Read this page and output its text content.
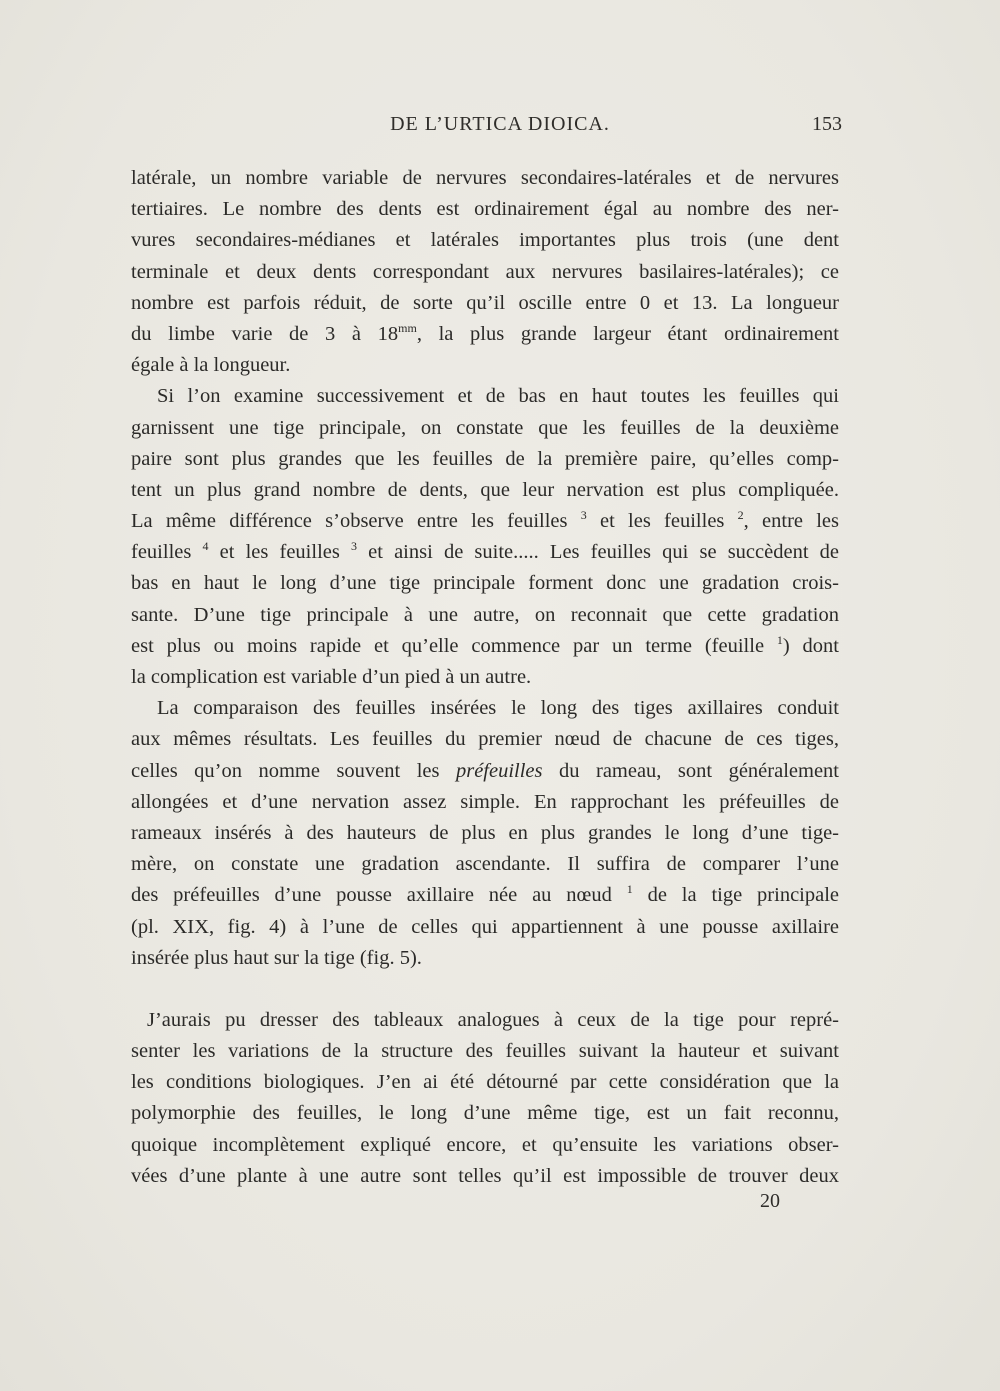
DE L’URTICA DIOICA.	153
latérale, un nombre variable de nervures secondaires-latérales et de nervures
tertiaires. Le nombre des dents est ordinairement égal au nombre des ner-
vures secondaires-médianes et latérales importantes plus trois (une dent
terminale et deux dents correspondant aux nervures basilaires-latérales); ce
nombre est parfois réduit, de sorte qu’il oscille entre 0 et 13. La longueur
du limbe varie de 3 à $18^{mm}$, la plus grande largeur étant ordinairement
égale à la longueur.
Si l’on examine successivement et de bas en haut toutes les feuilles qui
garnissent une tige principale, on constate que les feuilles de la deuxième
paire sont plus grandes que les feuilles de la première paire, qu’elles comp-
tent un plus grand nombre de dents, que leur nervation est plus compliquée.
La même différence s’observe entre les feuilles $^3$ et les feuilles $^2$, entre les
feuilles $^4$ et les feuilles $^3$ et ainsi de suite..... Les feuilles qui se succèdent de
bas en haut le long d’une tige principale forment donc une gradation crois-
sante. D’une tige principale à une autre, on reconnait que cette gradation
est plus ou moins rapide et qu’elle commence par un terme (feuille $^1$) dont
la complication est variable d’un pied à un autre.
La comparaison des feuilles insérées le long des tiges axillaires conduit
aux mêmes résultats. Les feuilles du premier nœud de chacune de ces tiges,
celles qu’on nomme souvent les préfeuilles du rameau, sont généralement
allongées et d’une nervation assez simple. En rapprochant les préfeuilles de
rameaux insérés à des hauteurs de plus en plus grandes le long d’une tige-
mère, on constate une gradation ascendante. Il suffira de comparer l’une
des préfeuilles d’une pousse axillaire née au nœud $^1$ de la tige principale
(pl. XIX, fig. 4) à l’une de celles qui appartiennent à une pousse axillaire
insérée plus haut sur la tige (fig. 5).
J’aurais pu dresser des tableaux analogues à ceux de la tige pour repré-
senter les variations de la structure des feuilles suivant la hauteur et suivant
les conditions biologiques. J’en ai été détourné par cette considération que la
polymorphie des feuilles, le long d’une même tige, est un fait reconnu,
quoique incomplètement expliqué encore, et qu’ensuite les variations obser-
vées d’une plante à une autre sont telles qu’il est impossible de trouver deux
20
